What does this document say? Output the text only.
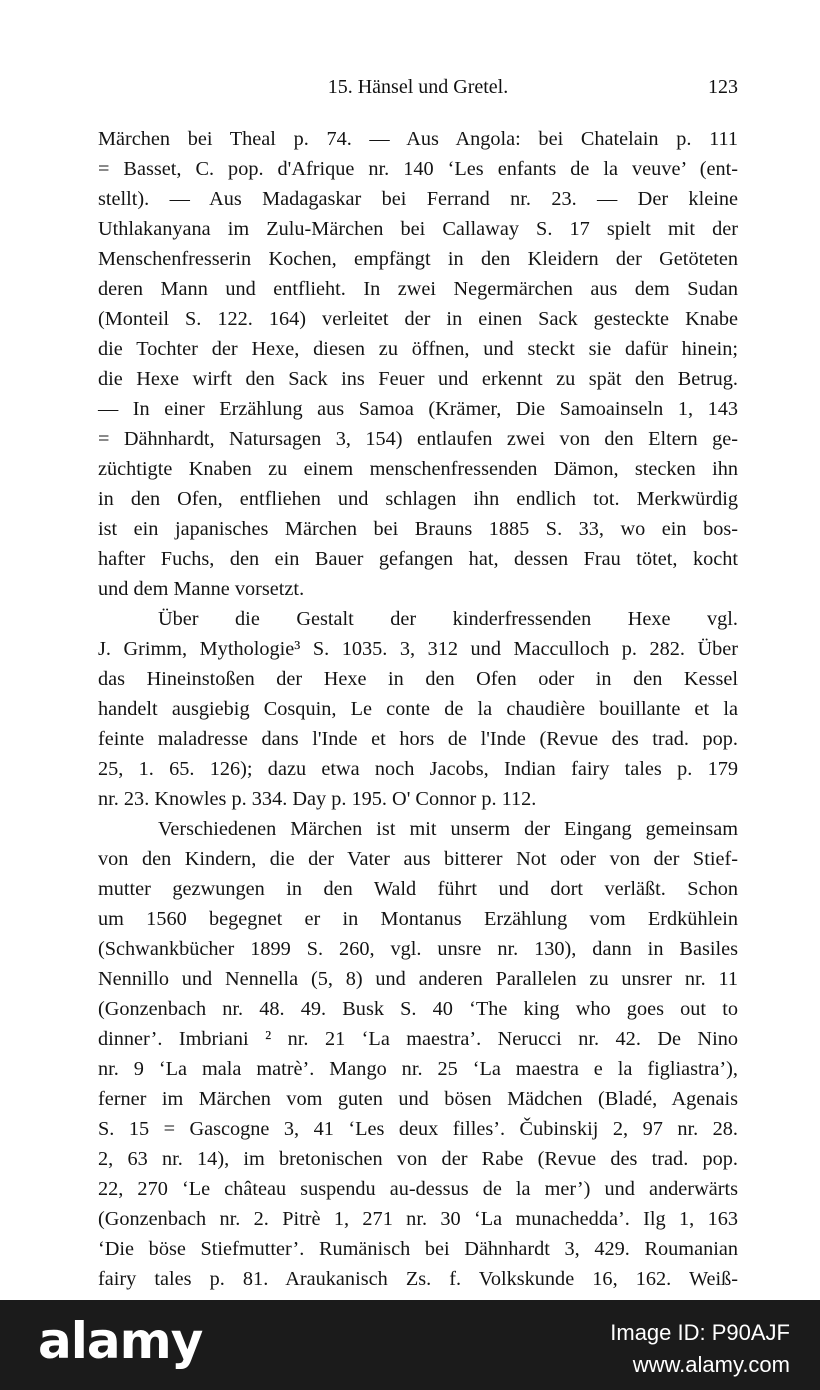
15. Hänsel und Gretel.	123
Märchen bei Theal p. 74. — Aus Angola: bei Chatelain p. 111
= Basset, C. pop. d'Afrique nr. 140 ‘Les enfants de la veuve’ (ent-
stellt). — Aus Madagaskar bei Ferrand nr. 23. — Der kleine
Uthlakanyana im Zulu-Märchen bei Callaway S. 17 spielt mit der
Menschenfresserin Kochen, empfängt in den Kleidern der Getöteten
deren Mann und entflieht. In zwei Negermärchen aus dem Sudan
(Monteil S. 122. 164) verleitet der in einen Sack gesteckte Knabe
die Tochter der Hexe, diesen zu öffnen, und steckt sie dafür hinein;
die Hexe wirft den Sack ins Feuer und erkennt zu spät den Betrug.
— In einer Erzählung aus Samoa (Krämer, Die Samoainseln 1, 143
= Dähnhardt, Natursagen 3, 154) entlaufen zwei von den Eltern ge-
züchtigte Knaben zu einem menschenfressenden Dämon, stecken ihn
in den Ofen, entfliehen und schlagen ihn endlich tot. Merkwürdig
ist ein japanisches Märchen bei Brauns 1885 S. 33, wo ein bos-
hafter Fuchs, den ein Bauer gefangen hat, dessen Frau tötet, kocht
und dem Manne vorsetzt.
Über die Gestalt der kinderfressenden Hexe vgl.
J. Grimm, Mythologie³ S. 1035. 3, 312 und Macculloch p. 282. Über
das Hineinstoßen der Hexe in den Ofen oder in den Kessel
handelt ausgiebig Cosquin, Le conte de la chaudière bouillante et la
feinte maladresse dans l'Inde et hors de l'Inde (Revue des trad. pop.
25, 1. 65. 126); dazu etwa noch Jacobs, Indian fairy tales p. 179
nr. 23. Knowles p. 334. Day p. 195. O' Connor p. 112.
Verschiedenen Märchen ist mit unserm der Eingang gemeinsam
von den Kindern, die der Vater aus bitterer Not oder von der Stief-
mutter gezwungen in den Wald führt und dort verläßt. Schon
um 1560 begegnet er in Montanus Erzählung vom Erdkühlein
(Schwankbücher 1899 S. 260, vgl. unsre nr. 130), dann in Basiles
Nennillo und Nennella (5, 8) und anderen Parallelen zu unsrer nr. 11
(Gonzenbach nr. 48. 49. Busk S. 40 ‘The king who goes out to
dinner’. Imbriani ² nr. 21 ‘La maestra’. Nerucci nr. 42. De Nino
nr. 9 ‘La mala matrè’. Mango nr. 25 ‘La maestra e la figliastra’),
ferner im Märchen vom guten und bösen Mädchen (Bladé, Agenais
S. 15 = Gascogne 3, 41 ‘Les deux filles’. Čubinskij 2, 97 nr. 28.
2, 63 nr. 14), im bretonischen von der Rabe (Revue des trad. pop.
22, 270 ‘Le château suspendu au-dessus de la mer’) und anderwärts
(Gonzenbach nr. 2. Pitrè 1, 271 nr. 30 ‘La munachedda’. Ilg 1, 163
‘Die böse Stiefmutter’. Rumänisch bei Dähnhardt 3, 429. Roumanian
fairy tales p. 81. Araukanisch Zs. f. Volkskunde 16, 162. Weiß-
alamy	Image ID: P90AJF
www.alamy.com
